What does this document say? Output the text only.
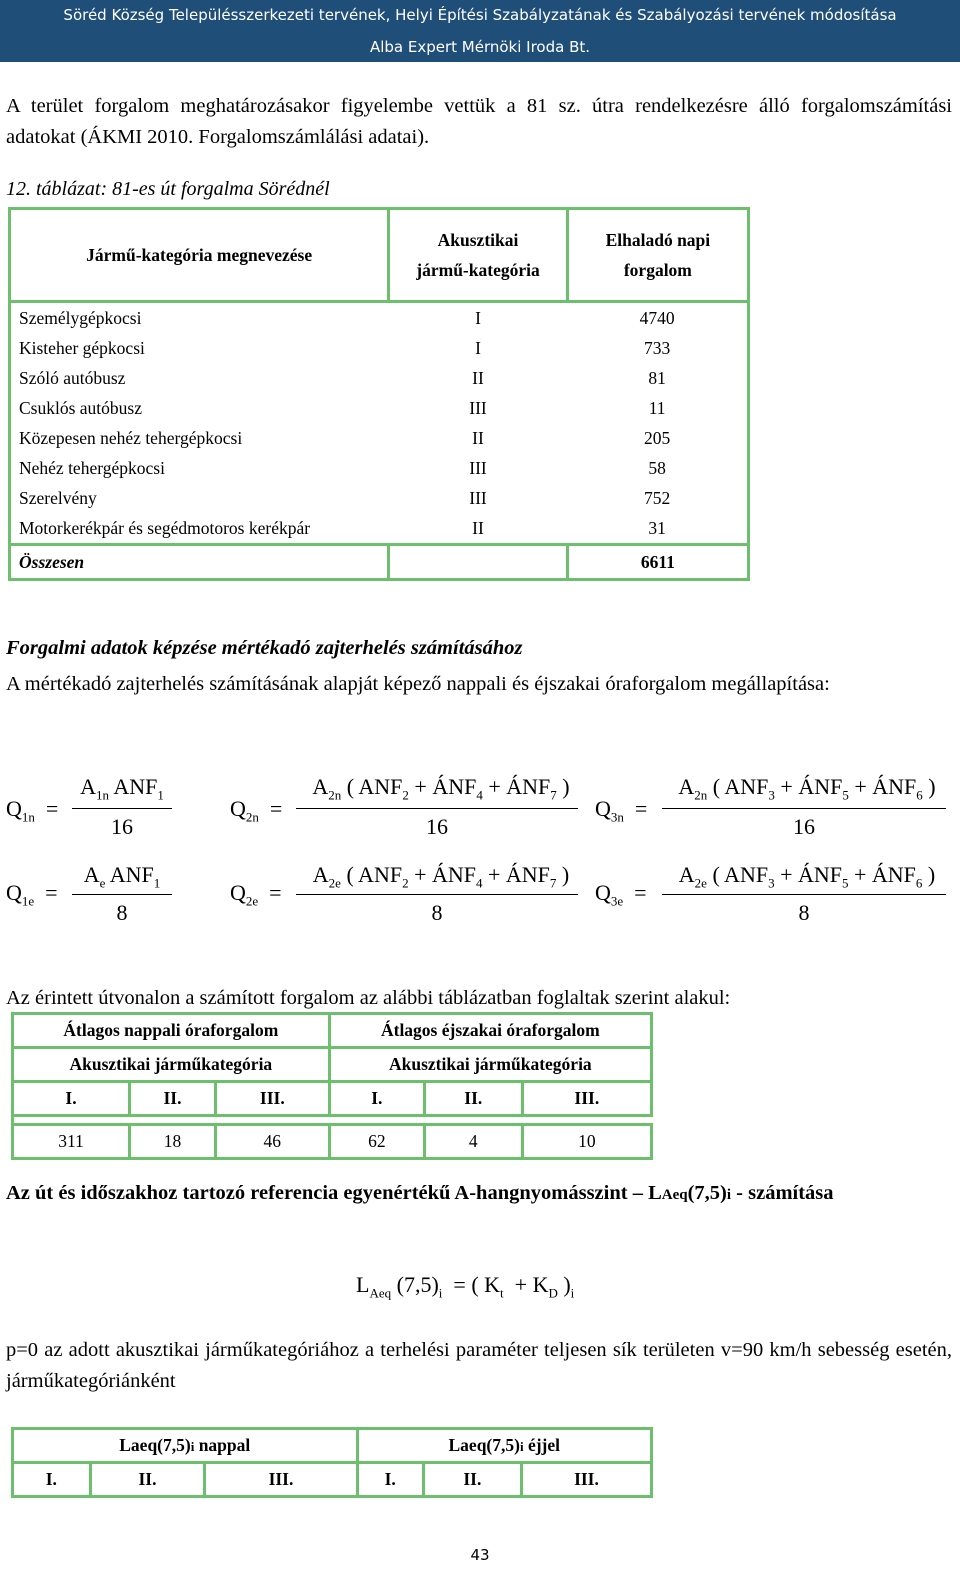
Söréd Község Településszerkezeti tervének, Helyi Építési Szabályzatának és Szabályozási tervének módosítása
Alba Expert Mérnöki Iroda Bt.
A terület forgalom meghatározásakor figyelembe vettük a 81 sz. útra rendelkezésre álló forgalomszámítási adatokat (ÁKMI 2010. Forgalomszámlálási adatai).
12. táblázat: 81-es út forgalma Sörédnél
Jármű-kategória megnevezése	Akusztikai jármű-kategória	Elhaladó napi forgalom
Személygépkocsi	I	4740
Kisteher gépkocsi	I	733
Szóló autóbusz	II	81
Csuklós autóbusz	III	11
Közepesen nehéz tehergépkocsi	II	205
Nehéz tehergépkocsi	III	58
Szerelvény	III	752
Motorkerékpár és segédmotoros kerékpár	II	31
Összesen		6611
Forgalmi adatok képzése mértékadó zajterhelés számításához
A mértékadó zajterhelés számításának alapját képező nappali és éjszakai óraforgalom megállapítása:
$Q_{1n}$  =
$A_{1n}$ $ANF_1$
16
$Q_{2n}$  =
$A_{2n}$ ( $ANF_2$ + $ÁNF_4$ + $ÁNF_7$ )
16
$Q_{3n}$  =
$A_{2n}$ ( $ANF_3$ + $ÁNF_5$ + $ÁNF_6$ )
16
$Q_{1e}$  =
$A_e$ $ANF_1$
8
$Q_{2e}$  =
$A_{2e}$ ( $ANF_2$ + $ÁNF_4$ + $ÁNF_7$ )
8
$Q_{3e}$  =
$A_{2e}$ ( $ANF_3$ + $ÁNF_5$ + $ÁNF_6$ )
8
Az érintett útvonalon a számított forgalom az alábbi táblázatban foglaltak szerint alakul:
Átlagos nappali óraforgalom			Átlagos éjszakai óraforgalom		
Akusztikai járműkategória			Akusztikai járműkategória		
I.	II.	III.	I.	II.	III.

311	18	46	62	4	10
Az út és időszakhoz tartozó referencia egyenértékű A-hangnyomásszint – LAeq(7,5)i - számítása
$L_{Aeq}$ $(7,5)_i$  = ( $K_t + K_D$ )$_i$
p=0 az adott akusztikai járműkategóriához a terhelési paraméter teljesen sík területen v=90 km/h sebesség esetén, járműkategóriánként
Laeq(7,5)i nappal			Laeq(7,5)i éjjel		
I.	II.	III.	I.	II.	III.
43
